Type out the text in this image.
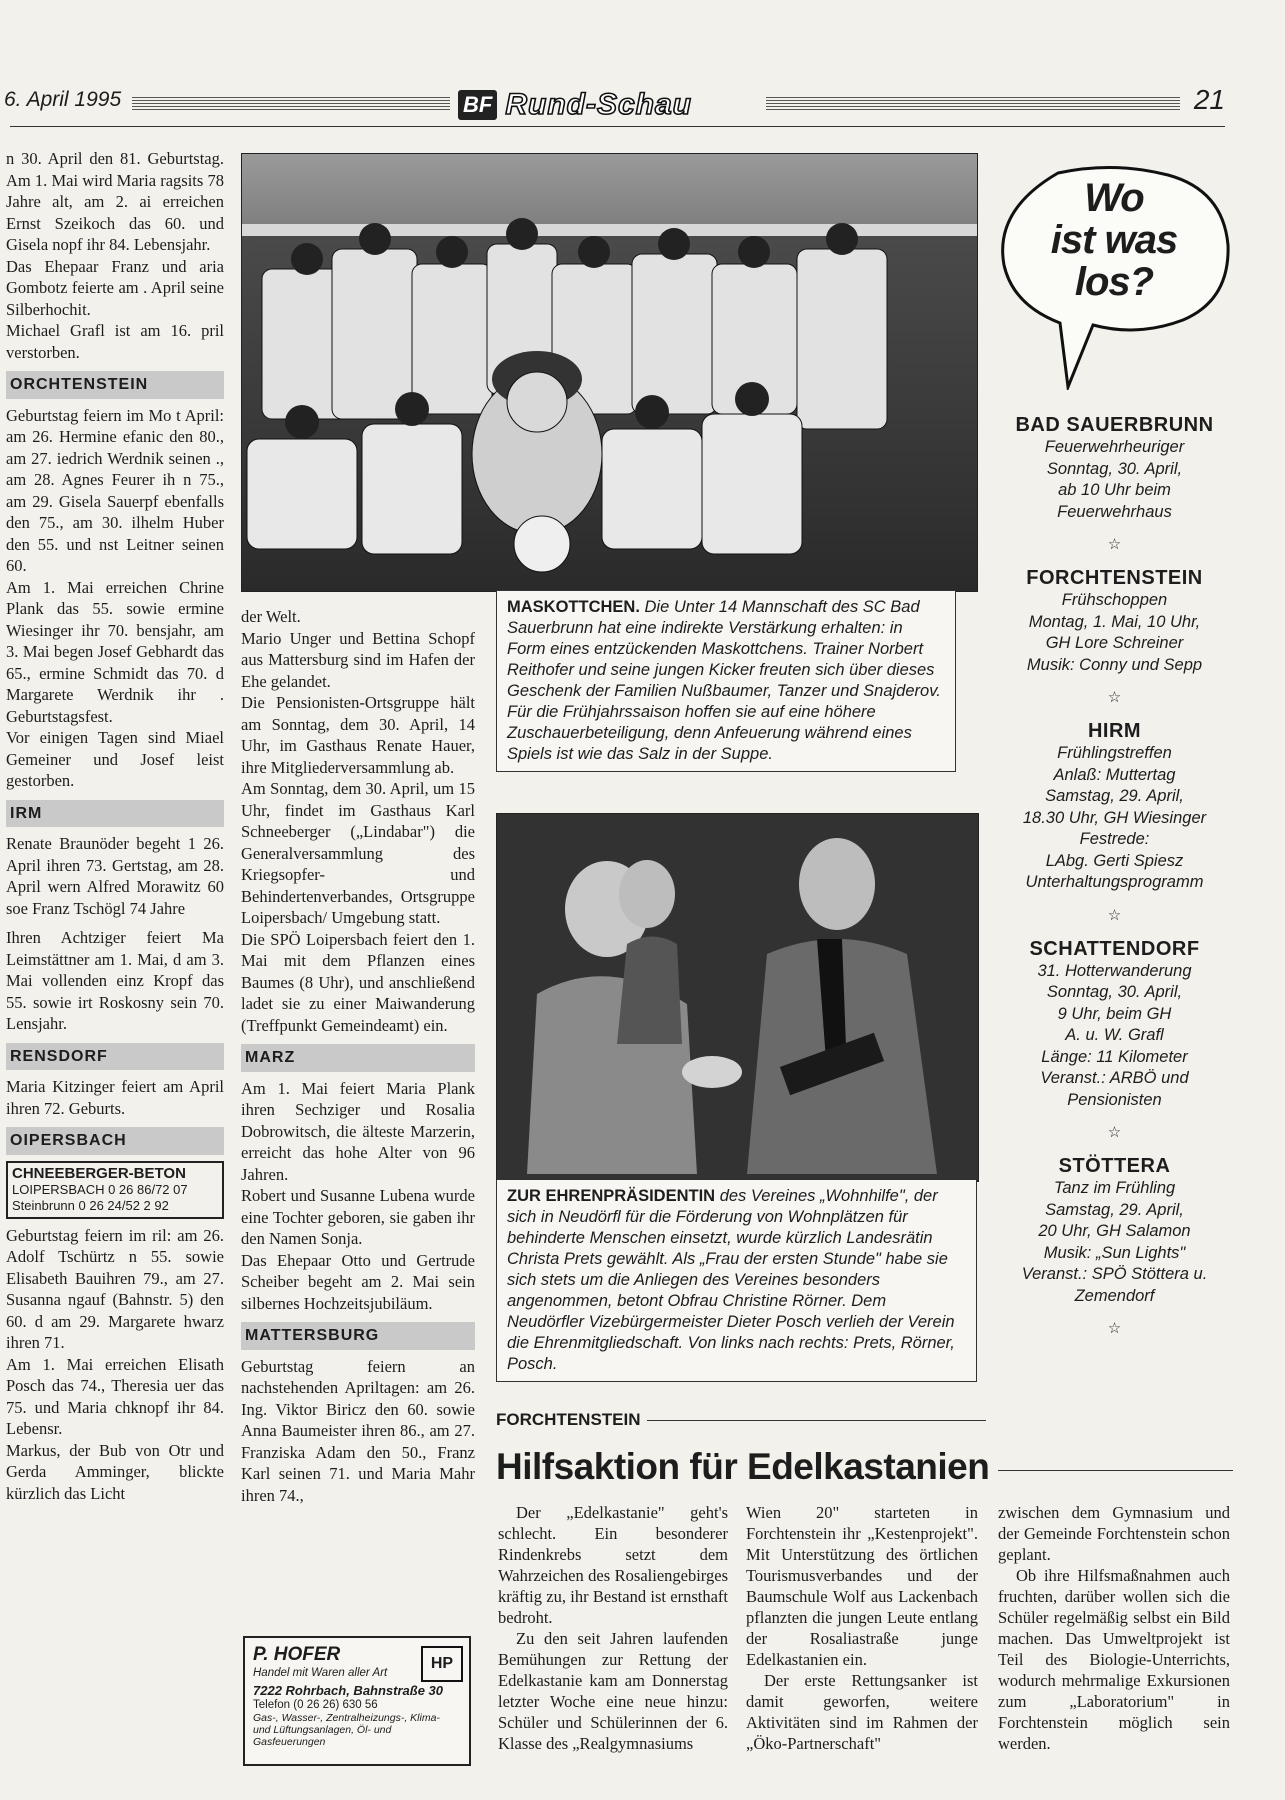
6. April 1995	BF Rund-Schau	21

n 30. April den 81. Geburtstag. Am 1. Mai wird Maria ragsits 78 Jahre alt, am 2. ai erreichen Ernst Szeikoch das 60. und Gisela nopf ihr 84. Lebensjahr.

Das Ehepaar Franz und aria Gombotz feierte am . April seine Silberhochit.

Michael Grafl ist am 16. pril verstorben.

ORCHTENSTEIN

Geburtstag feiern im Mo t April: am 26. Hermine efanic den 80., am 27. iedrich Werdnik seinen ., am 28. Agnes Feurer ih n 75., am 29. Gisela Sauerpf ebenfalls den 75., am 30. ilhelm Huber den 55. und nst Leitner seinen 60.

Am 1. Mai erreichen Chrine Plank das 55. sowie ermine Wiesinger ihr 70. bensjahr, am 3. Mai begen Josef Gebhardt das 65., ermine Schmidt das 70. d Margarete Werdnik ihr . Geburtstagsfest.

Vor einigen Tagen sind Miael Gemeiner und Josef leist gestorben.

IRM

Renate Braunöder begeht 1 26. April ihren 73. Gertstag, am 28. April wern Alfred Morawitz 60 soe Franz Tschögl 74 Jahre

Ihren Achtziger feiert Ma Leimstättner am 1. Mai, d am 3. Mai vollenden einz Kropf das 55. sowie irt Roskosny sein 70. Lensjahr.

RENSDORF

Maria Kitzinger feiert am April ihren 72. Geburts.

OIPERSBACH
CHNEEBERGER-BETON
LOIPERSBACH 0 26 86/72 07
Steinbrunn 0 26 24/52 2 92

Geburtstag feiern im ril: am 26. Adolf Tschürtz n 55. sowie Elisabeth Bauihren 79., am 27. Susanna ngauf (Bahnstr. 5) den 60. d am 29. Margarete hwarz ihren 71.

Am 1. Mai erreichen Elisath Posch das 74., Theresia uer das 75. und Maria chknopf ihr 84. Lebensr.

Markus, der Bub von Otr und Gerda Amminger, blickte kürzlich das Licht

der Welt.

Mario Unger und Bettina Schopf aus Mattersburg sind im Hafen der Ehe gelandet.

Die Pensionisten-Ortsgruppe hält am Sonntag, dem 30. April, 14 Uhr, im Gasthaus Renate Hauer, ihre Mitgliederversammlung ab.

Am Sonntag, dem 30. April, um 15 Uhr, findet im Gasthaus Karl Schneeberger („Lindabar") die Generalversammlung des Kriegsopfer- und Behindertenverbandes, Ortsgruppe Loipersbach/ Umgebung statt.

Die SPÖ Loipersbach feiert den 1. Mai mit dem Pflanzen eines Baumes (8 Uhr), und anschließend ladet sie zu einer Maiwanderung (Treffpunkt Gemeindeamt) ein.

MARZ

Am 1. Mai feiert Maria Plank ihren Sechziger und Rosalia Dobrowitsch, die älteste Marzerin, erreicht das hohe Alter von 96 Jahren.

Robert und Susanne Lubena wurde eine Tochter geboren, sie gaben ihr den Namen Sonja.

Das Ehepaar Otto und Gertrude Scheiber begeht am 2. Mai sein silbernes Hochzeitsjubiläum.

MATTERSBURG

Geburtstag feiern an nachstehenden Apriltagen: am 26. Ing. Viktor Biricz den 60. sowie Anna Baumeister ihren 86., am 27. Franziska Adam den 50., Franz Karl seinen 71. und Maria Mahr ihren 74.,

P. HOFER
Handel mit Waren aller Art
7222 Rohrbach, Bahnstraße 30
Telefon (0 26 26) 630 56
Gas-, Wasser-, Zentralheizungs-, Klima- und Lüftungsanlagen, Öl- und Gasfeuerungen
HP
MASKOTTCHEN. Die Unter 14 Mannschaft des SC Bad Sauerbrunn hat eine indirekte Verstärkung erhalten: in Form eines entzückenden Maskottchens. Trainer Norbert Reithofer und seine jungen Kicker freuten sich über dieses Geschenk der Familien Nußbaumer, Tanzer und Snajderov. Für die Frühjahrssaison hoffen sie auf eine höhere Zuschauerbeteiligung, denn Anfeuerung während eines Spiels ist wie das Salz in der Suppe.
ZUR EHRENPRÄSIDENTIN des Vereines „Wohnhilfe", der sich in Neudörfl für die Förderung von Wohnplätzen für behinderte Menschen einsetzt, wurde kürzlich Landesrätin Christa Prets gewählt. Als „Frau der ersten Stunde" habe sie sich stets um die Anliegen des Vereines besonders angenommen, betont Obfrau Christine Rörner. Dem Neudörfler Vizebürgermeister Dieter Posch verlieh der Verein die Ehrenmitgliedschaft. Von links nach rechts: Prets, Rörner, Posch.
Wo
ist was
los?
BAD SAUERBRUNN
Feuerwehrheuriger
Sonntag, 30. April,
ab 10 Uhr beim
Feuerwehrhaus
☆
FORCHTENSTEIN
Frühschoppen
Montag, 1. Mai, 10 Uhr,
GH Lore Schreiner
Musik: Conny und Sepp
☆
HIRM
Frühlingstreffen
Anlaß: Muttertag
Samstag, 29. April,
18.30 Uhr, GH Wiesinger
Festrede:
LAbg. Gerti Spiesz
Unterhaltungsprogramm
☆
SCHATTENDORF
31. Hotterwanderung
Sonntag, 30. April,
9 Uhr, beim GH
A. u. W. Grafl
Länge: 11 Kilometer
Veranst.: ARBÖ und
Pensionisten
☆
STÖTTERA
Tanz im Frühling
Samstag, 29. April,
20 Uhr, GH Salamon
Musik: „Sun Lights"
Veranst.: SPÖ Stöttera u.
Zemendorf
☆
FORCHTENSTEIN
Hilfsaktion für Edelkastanien

Der „Edelkastanie" geht's schlecht. Ein besonderer Rindenkrebs setzt dem Wahrzeichen des Rosaliengebirges kräftig zu, ihr Bestand ist ernsthaft bedroht.

Zu den seit Jahren laufenden Bemühungen zur Rettung der Edelkastanie kam am Donnerstag letzter Woche eine neue hinzu: Schüler und Schülerinnen der 6. Klasse des „Realgymnasiums

Wien 20" starteten in Forchtenstein ihr „Kestenprojekt". Mit Unterstützung des örtlichen Tourismusverbandes und der Baumschule Wolf aus Lackenbach pflanzten die jungen Leute entlang der Rosaliastraße junge Edelkastanien ein.

Der erste Rettungsanker ist damit geworfen, weitere Aktivitäten sind im Rahmen der „Öko-Partnerschaft"

zwischen dem Gymnasium und der Gemeinde Forchtenstein schon geplant.

Ob ihre Hilfsmaßnahmen auch fruchten, darüber wollen sich die Schüler regelmäßig selbst ein Bild machen. Das Umweltprojekt ist Teil des Biologie-Unterrichts, wodurch mehrmalige Exkursionen zum „Laboratorium" in Forchtenstein möglich sein werden.
